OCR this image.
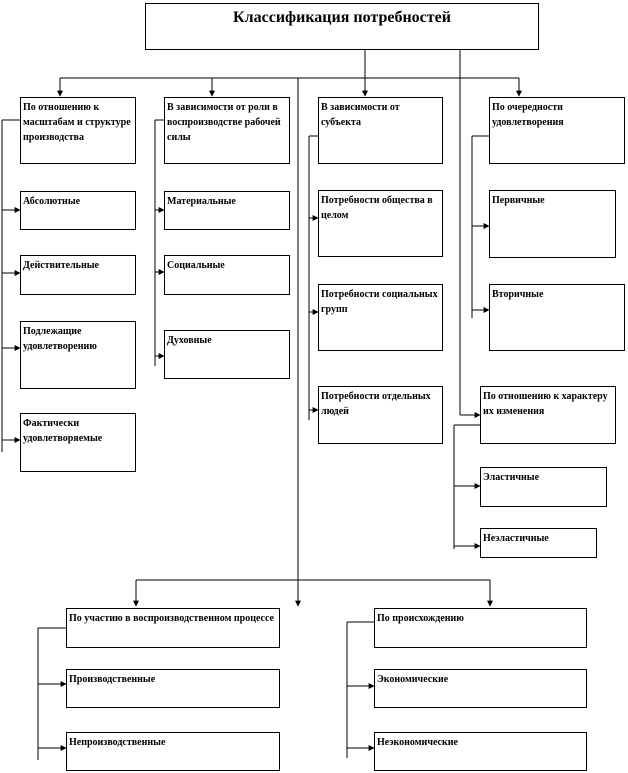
Классификация потребностей
По отношению к масштабам и структуре производства
Абсолютные
Действительные
Подлежащие удовлетворению
Фактически удовлетворяемые
В зависимости от роли в воспроизводстве рабочей силы
Материальные
Социальные
Духовные
В зависимости от субъекта
Потребности общества в целом
Потребности социальных групп
Потребности отдельных людей
По очередности удовлетворения
Первичные
Вторичные
По отношению к характеру их изменения
Эластичные
Неэластичные
По участию в воспроизводственном процессе
Производственные
Непроизводственные
По происхождению
Экономические
Неэкономические
